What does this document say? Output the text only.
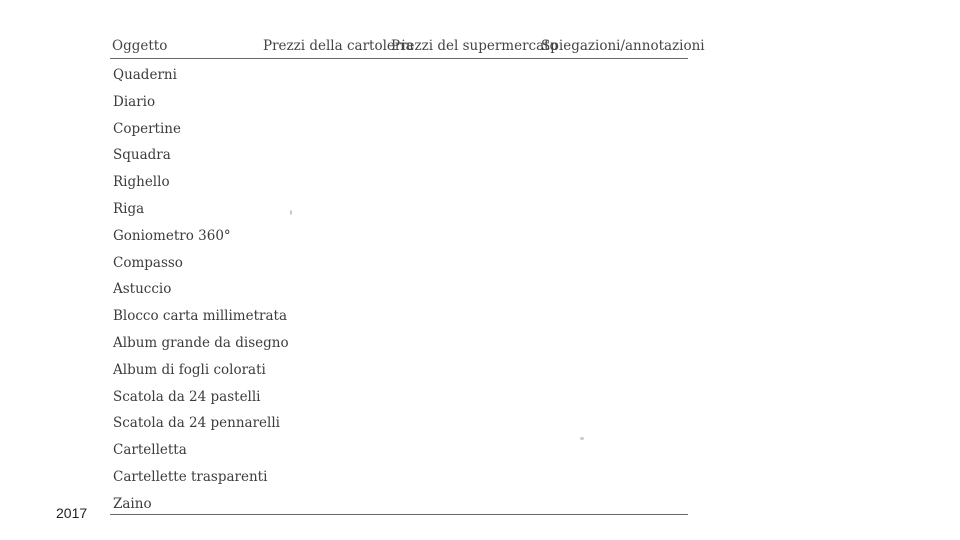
Oggetto	Prezzi della cartoleria
Prezzi del supermercato
Spiegazioni/annotazioni
Quaderni
Diario
Copertine
Squadra
Righello
Riga
Goniometro 360°
Compasso
Astuccio
Blocco carta millimetrata
Album grande da disegno
Album di fogli colorati
Scatola da 24 pastelli
Scatola da 24 pennarelli
Cartelletta
Cartellette trasparenti
Zaino
2017
